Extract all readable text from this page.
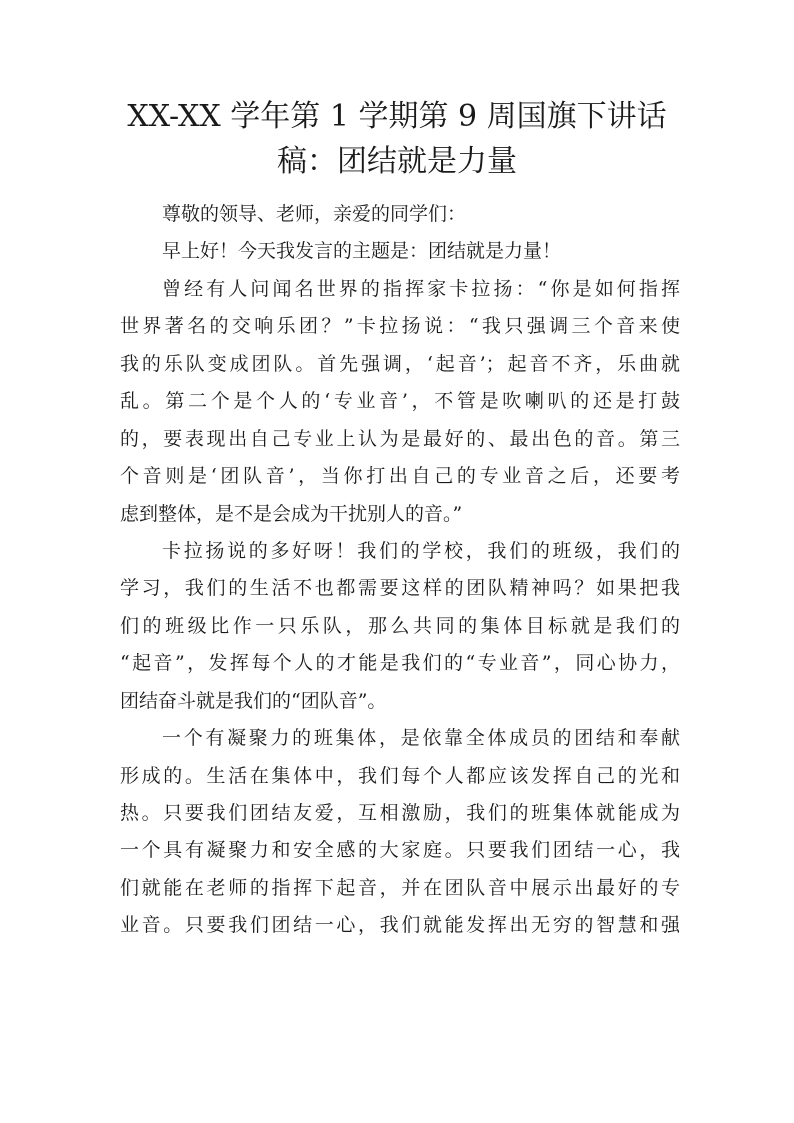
XX-XX 学年第 1 学期第 9 周国旗下讲话
稿：团结就是力量

尊敬的领导、老师，亲爱的同学们：

早上好！今天我发言的主题是：团结就是力量！

曾经有人问闻名世界的指挥家卡拉扬：“你是如何指挥
世界著名的交响乐团？”卡拉扬说：“我只强调三个音来使
我的乐队变成团队。首先强调，‘起音’；起音不齐，乐曲就
乱。第二个是个人的‘专业音’，不管是吹喇叭的还是打鼓
的，要表现出自己专业上认为是最好的、最出色的音。第三
个音则是‘团队音’，当你打出自己的专业音之后，还要考
虑到整体，是不是会成为干扰别人的音。”

卡拉扬说的多好呀！我们的学校，我们的班级，我们的
学习，我们的生活不也都需要这样的团队精神吗？如果把我
们的班级比作一只乐队，那么共同的集体目标就是我们的
“起音”，发挥每个人的才能是我们的“专业音”，同心协力，
团结奋斗就是我们的“团队音”。

一个有凝聚力的班集体，是依靠全体成员的团结和奉献
形成的。生活在集体中，我们每个人都应该发挥自己的光和
热。只要我们团结友爱，互相激励，我们的班集体就能成为
一个具有凝聚力和安全感的大家庭。只要我们团结一心，我
们就能在老师的指挥下起音，并在团队音中展示出最好的专
业音。只要我们团结一心，我们就能发挥出无穷的智慧和强
